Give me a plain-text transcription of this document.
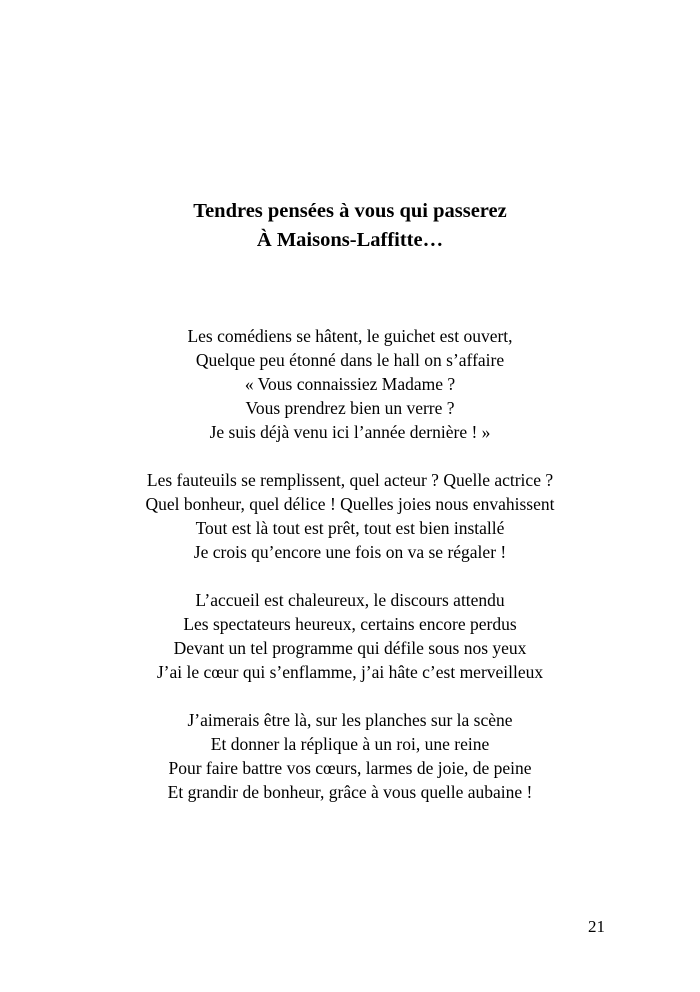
Tendres pensées à vous qui passerez
À Maisons-Laffitte…
Les comédiens se hâtent, le guichet est ouvert,
Quelque peu étonné dans le hall on s’affaire
« Vous connaissiez Madame ?
Vous prendrez bien un verre ?
Je suis déjà venu ici l’année dernière ! »
Les fauteuils se remplissent, quel acteur ? Quelle actrice ?
Quel bonheur, quel délice ! Quelles joies nous envahissent
Tout est là tout est prêt, tout est bien installé
Je crois qu’encore une fois on va se régaler !
L’accueil est chaleureux, le discours attendu
Les spectateurs heureux, certains encore perdus
Devant un tel programme qui défile sous nos yeux
J’ai le cœur qui s’enflamme, j’ai hâte c’est merveilleux
J’aimerais être là, sur les planches sur la scène
Et donner la réplique à un roi, une reine
Pour faire battre vos cœurs, larmes de joie, de peine
Et grandir de bonheur, grâce à vous quelle aubaine !
21
